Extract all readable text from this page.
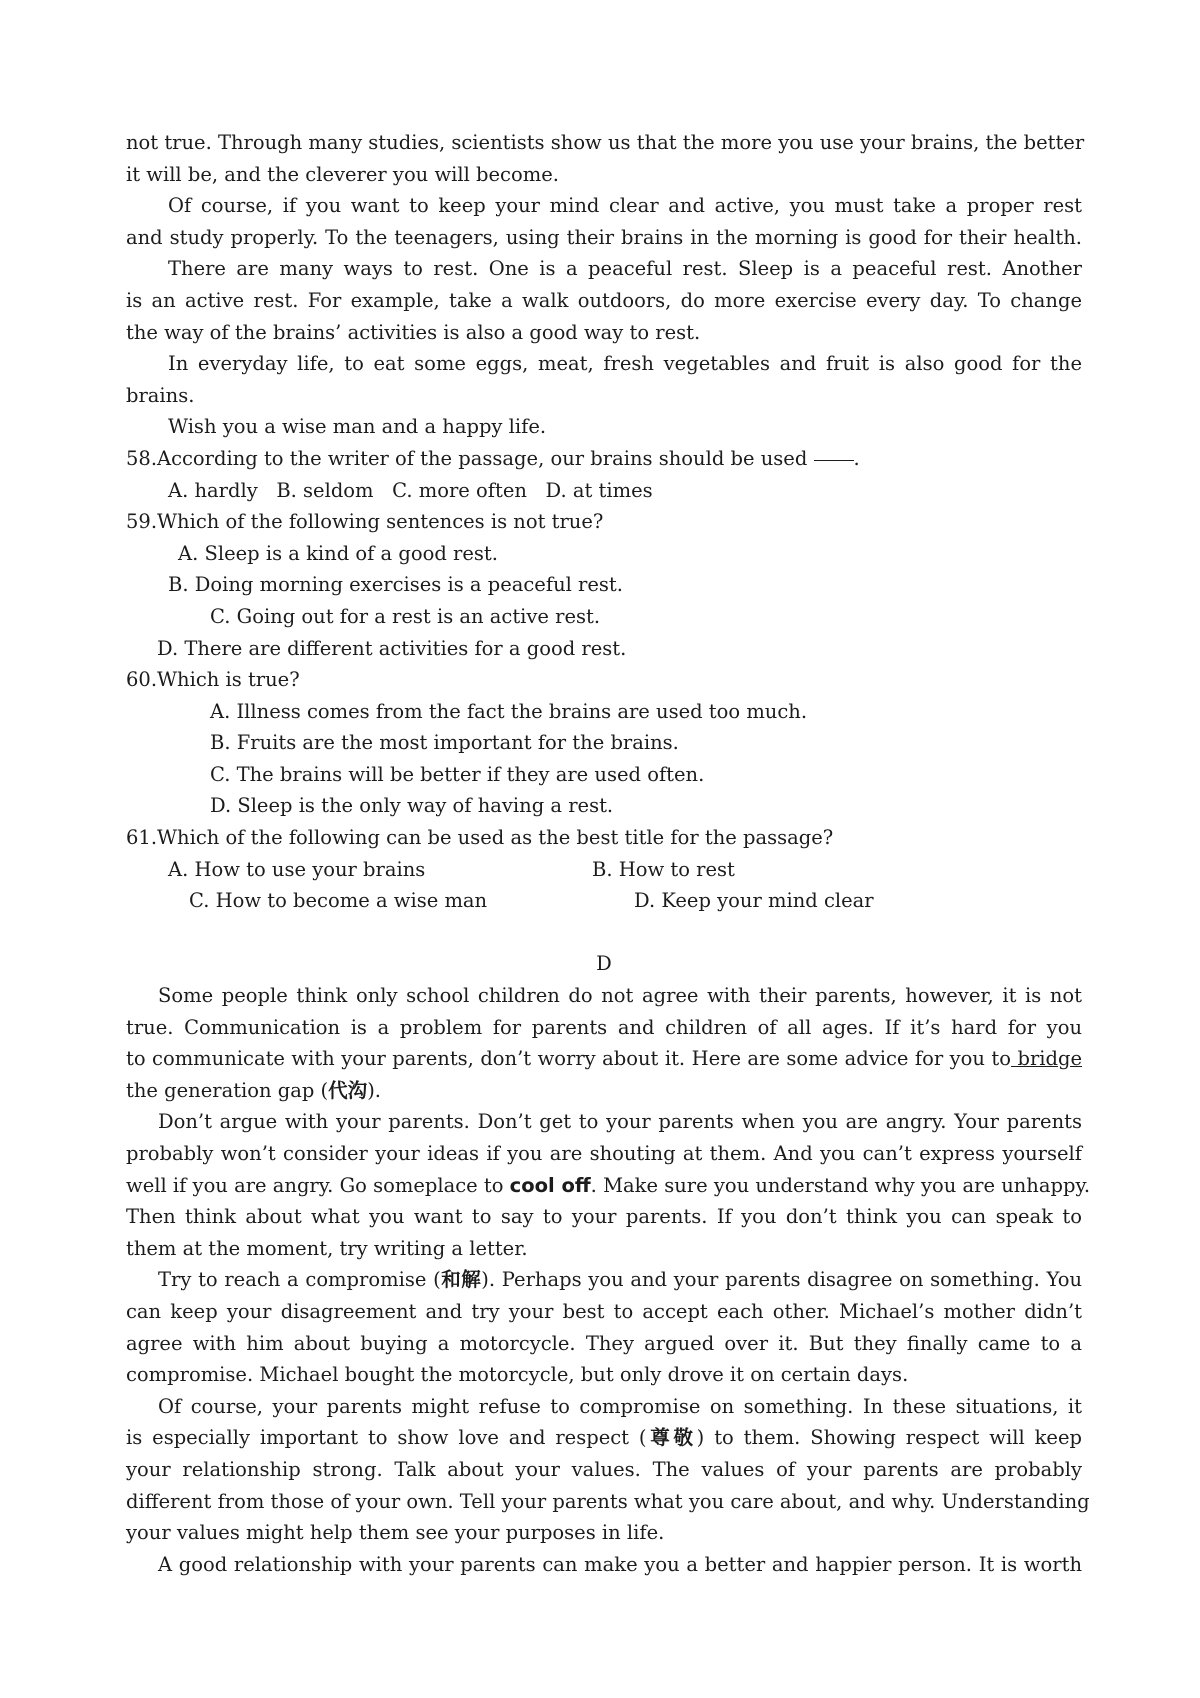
not true. Through many studies, scientists show us that the more you use your brains, the better
it will be, and the cleverer you will become.
Of course, if you want to keep your mind clear and active, you must take a proper rest
and study properly. To the teenagers, using their brains in the morning is good for their health.
There are many ways to rest. One is a peaceful rest. Sleep is a peaceful rest. Another
is an active rest. For example, take a walk outdoors, do more exercise every day. To change
the way of the brains’ activities is also a good way to rest.
In everyday life, to eat some eggs, meat, fresh vegetables and fruit is also good for the
brains.
Wish you a wise man and a happy life.
58.According to the writer of the passage, our brains should be used .
A. hardly   B. seldom   C. more often   D. at times
59.Which of the following sentences is not true?
A. Sleep is a kind of a good rest.
B. Doing morning exercises is a peaceful rest.
C. Going out for a rest is an active rest.
D. There are different activities for a good rest.
60.Which is true?
A. Illness comes from the fact the brains are used too much.
B. Fruits are the most important for the brains.
C. The brains will be better if they are used often.
D. Sleep is the only way of having a rest.
61.Which of the following can be used as the best title for the passage?
A. How to use your brains	B. How to rest
C. How to become a wise man	D. Keep your mind clear
D
Some people think only school children do not agree with their parents, however, it is not
true. Communication is a problem for parents and children of all ages. If it’s hard for you
to communicate with your parents, don’t worry about it. Here are some advice for you to bridge
the generation gap (代沟).
Don’t argue with your parents. Don’t get to your parents when you are angry. Your parents
probably won’t consider your ideas if you are shouting at them. And you can’t express yourself
well if you are angry. Go someplace to cool off. Make sure you understand why you are unhappy.
Then think about what you want to say to your parents. If you don’t think you can speak to
them at the moment, try writing a letter.
Try to reach a compromise (和解). Perhaps you and your parents disagree on something. You
can keep your disagreement and try your best to accept each other. Michael’s mother didn’t
agree with him about buying a motorcycle. They argued over it. But they finally came to a
compromise. Michael bought the motorcycle, but only drove it on certain days.
Of course, your parents might refuse to compromise on something. In these situations, it
is especially important to show love and respect (尊敬) to them. Showing respect will keep
your relationship strong. Talk about your values. The values of your parents are probably
different from those of your own. Tell your parents what you care about, and why. Understanding
your values might help them see your purposes in life.
A good relationship with your parents can make you a better and happier person. It is worth
